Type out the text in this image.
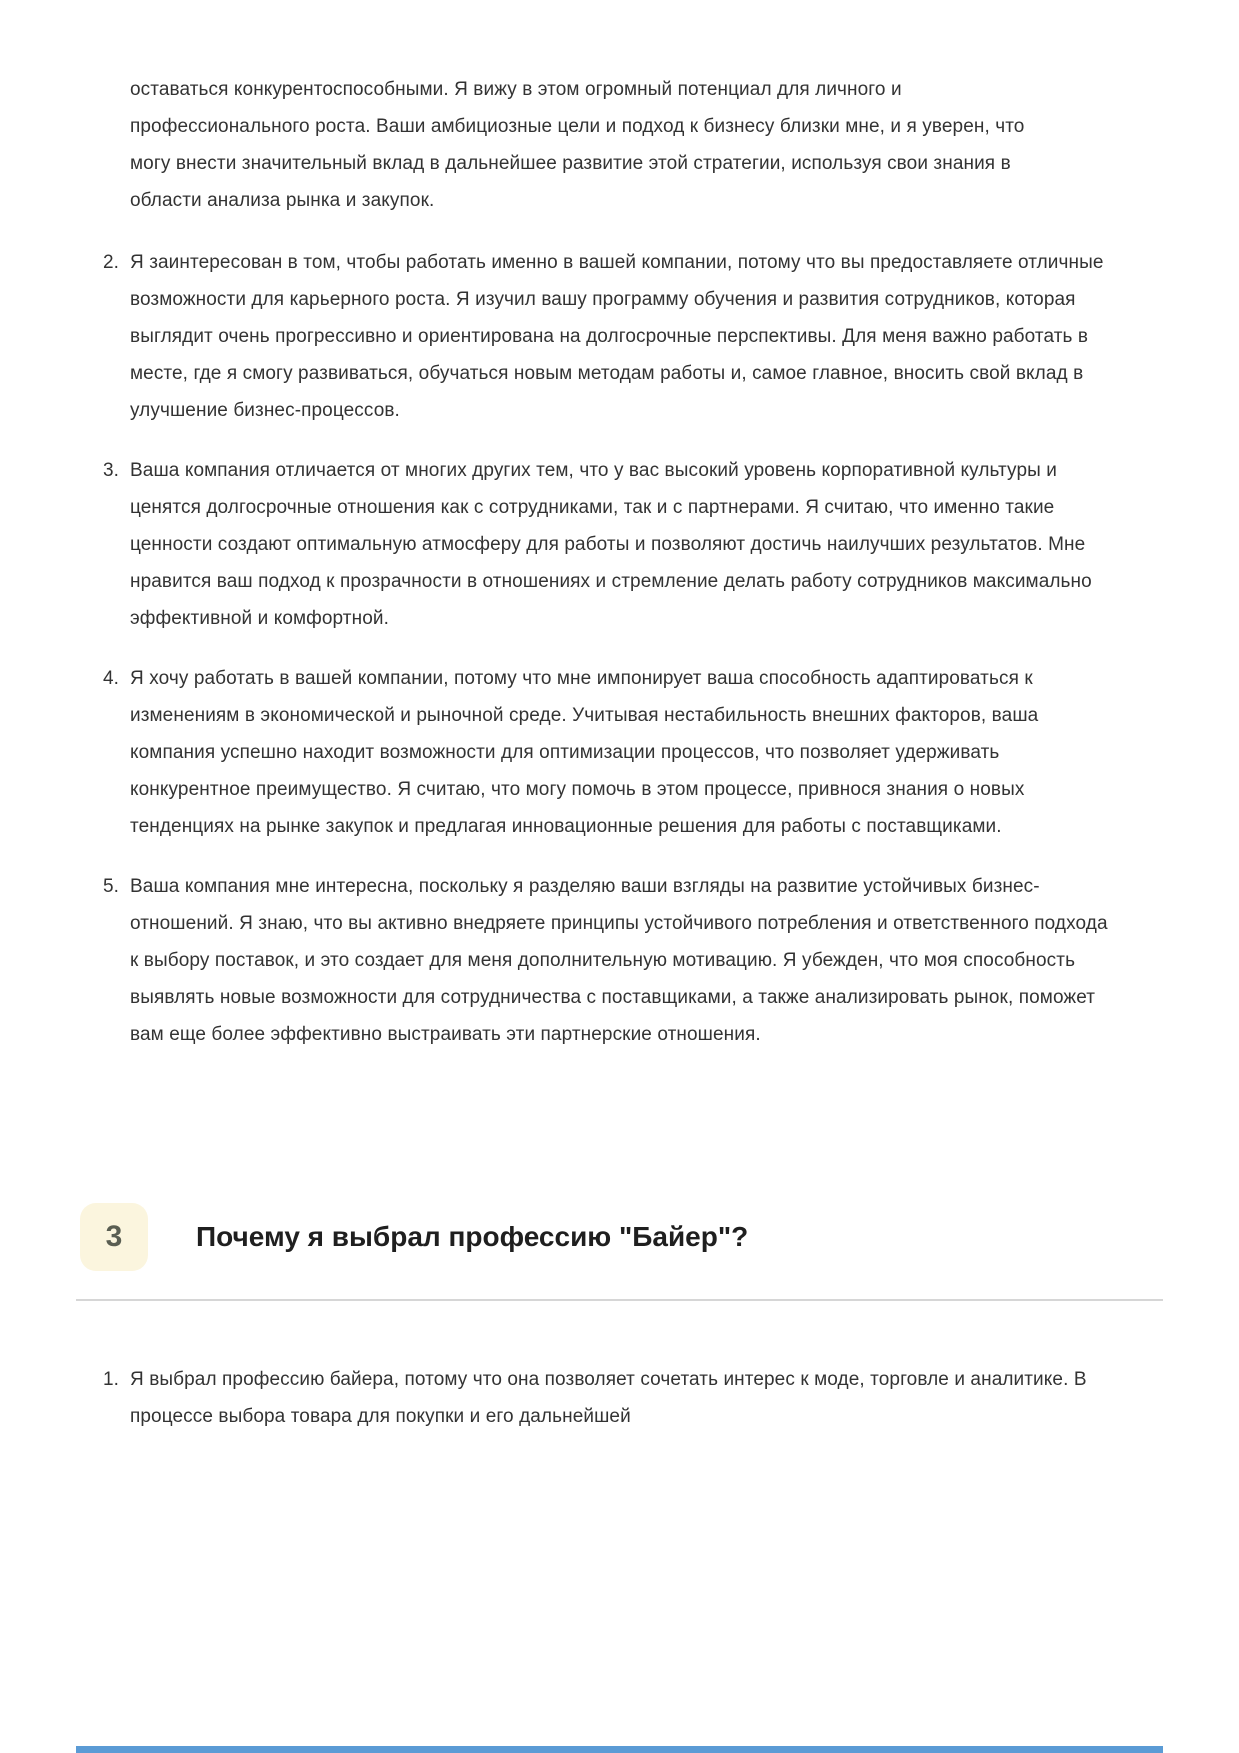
оставаться конкурентоспособными. Я вижу в этом огромный потенциал для личного и профессионального роста. Ваши амбициозные цели и подход к бизнесу близки мне, и я уверен, что могу внести значительный вклад в дальнейшее развитие этой стратегии, используя свои знания в области анализа рынка и закупок.

2. Я заинтересован в том, чтобы работать именно в вашей компании, потому что вы предоставляете отличные возможности для карьерного роста. Я изучил вашу программу обучения и развития сотрудников, которая выглядит очень прогрессивно и ориентирована на долгосрочные перспективы. Для меня важно работать в месте, где я смогу развиваться, обучаться новым методам работы и, самое главное, вносить свой вклад в улучшение бизнес-процессов.
3. Ваша компания отличается от многих других тем, что у вас высокий уровень корпоративной культуры и ценятся долгосрочные отношения как с сотрудниками, так и с партнерами. Я считаю, что именно такие ценности создают оптимальную атмосферу для работы и позволяют достичь наилучших результатов. Мне нравится ваш подход к прозрачности в отношениях и стремление делать работу сотрудников максимально эффективной и комфортной.
4. Я хочу работать в вашей компании, потому что мне импонирует ваша способность адаптироваться к изменениям в экономической и рыночной среде. Учитывая нестабильность внешних факторов, ваша компания успешно находит возможности для оптимизации процессов, что позволяет удерживать конкурентное преимущество. Я считаю, что могу помочь в этом процессе, привнося знания о новых тенденциях на рынке закупок и предлагая инновационные решения для работы с поставщиками.
5. Ваша компания мне интересна, поскольку я разделяю ваши взгляды на развитие устойчивых бизнес-отношений. Я знаю, что вы активно внедряете принципы устойчивого потребления и ответственного подхода к выбору поставок, и это создает для меня дополнительную мотивацию. Я убежден, что моя способность выявлять новые возможности для сотрудничества с поставщиками, а также анализировать рынок, поможет вам еще более эффективно выстраивать эти партнерские отношения.
3	Почему я выбрал профессию "Байер"?
1. Я выбрал профессию байера, потому что она позволяет сочетать интерес к моде, торговле и аналитике. В процессе выбора товара для покупки и его дальнейшей
